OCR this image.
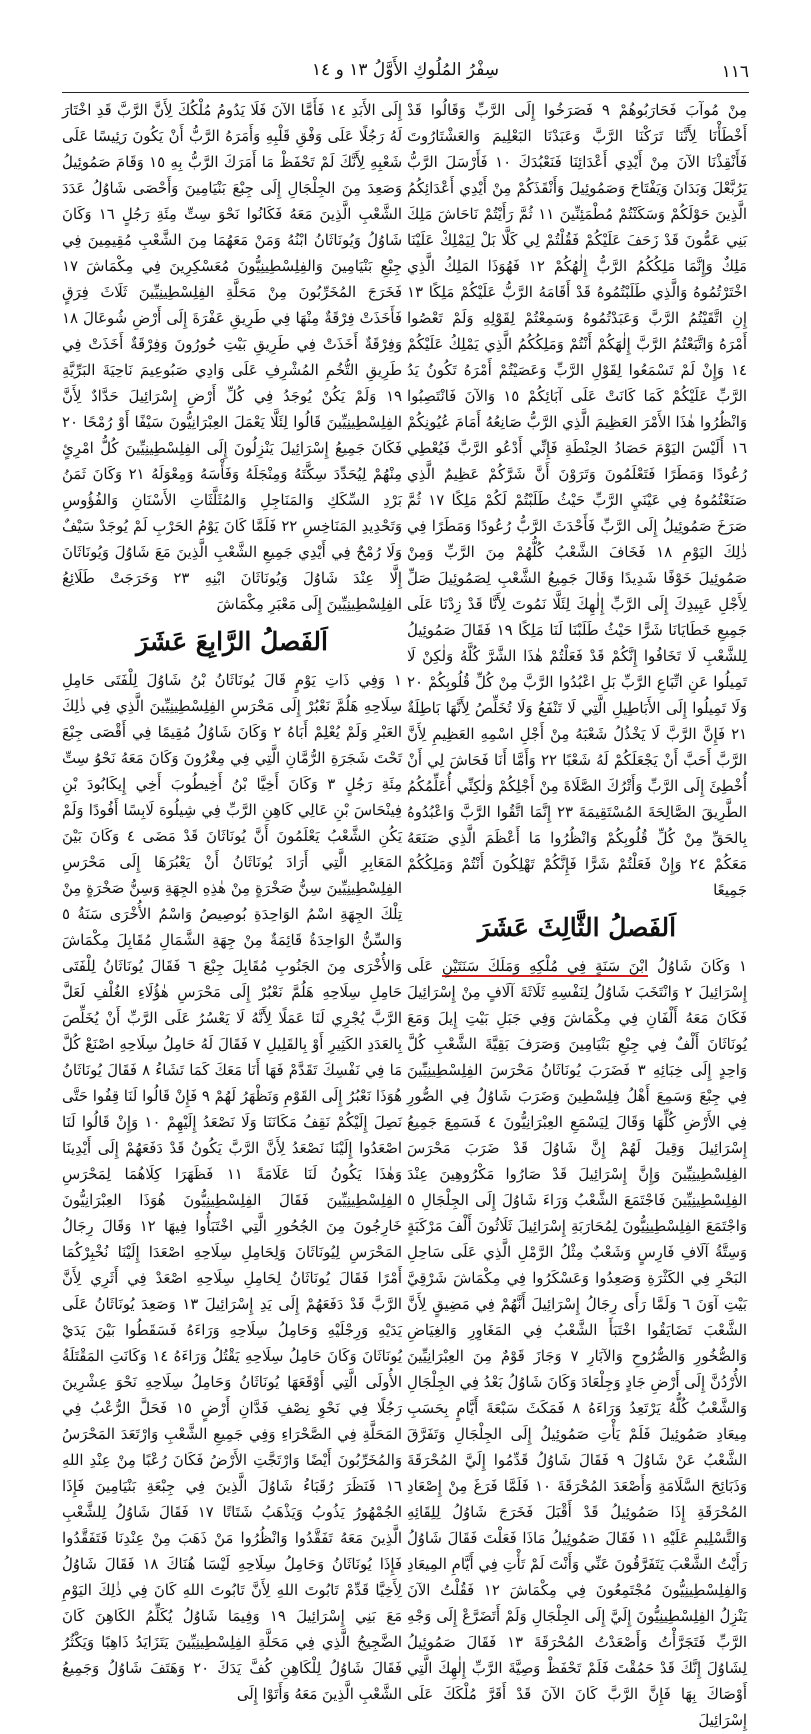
١١٦
سِفْرُ المُلُوكِ الأَوَّلُ ١٣ و ١٤

مِنْ مُوآبَ فَحَارَبُوهُمْ ٩ فَصَرَخُوا إِلَى الرَّبِّ وَقَالُوا قَدْ أَخْطَأْنَا لِأَنَّنَا تَرَكْنَا الرَّبَّ وَعَبَدْنَا البَعْلِيمَ وَالعَشْتَارُوتَ فَأَنْقِذْنَا الآنَ مِنْ أَيْدِي أَعْدَائِنَا فَنَعْبُدَكَ ١٠ فَأَرْسَلَ الرَّبُّ يَرُبَّعْلَ وَبَدَانَ وَيَفْتَاحَ وَصَمُوئِيلَ وَأَنْقَذَكُمْ مِنْ أَيْدِي أَعْدَائِكُمُ الَّذِينَ حَوْلَكُمْ وَسَكَنْتُمْ مُطْمَئِنِّينَ ١١ ثُمَّ رَأَيْتُمْ نَاحَاشَ مَلِكَ بَنِي عَمُّونَ قَدْ زَحَفَ عَلَيْكُمْ فَقُلْتُمْ لِي كَلَّا بَلْ لِيَمْلِكْ عَلَيْنَا مَلِكٌ وَإِنَّمَا مَلِكُكُمُ الرَّبُّ إِلٰهُكُمْ ١٢ فَهُوَذَا المَلِكُ الَّذِي اخْتَرْتُمُوهُ وَالَّذِي طَلَبْتُمُوهُ قَدْ أَقَامَهُ الرَّبُّ عَلَيْكُمْ مَلِكًا ١٣ إِنِ اتَّقَيْتُمُ الرَّبَّ وَعَبَدْتُمُوهُ وَسَمِعْتُمْ لِقَوْلِهِ وَلَمْ تَعْصُوا أَمْرَهُ وَاتَّبَعْتُمُ الرَّبَّ إِلٰهَكُمْ أَنْتُمْ وَمَلِكُكُمُ الَّذِي يَمْلِكُ عَلَيْكُمْ ١٤ وَإِنْ لَمْ تَسْمَعُوا لِقَوْلِ الرَّبِّ وَعَصَيْتُمْ أَمْرَهُ تَكُونُ يَدُ الرَّبِّ عَلَيْكُمْ كَمَا كَانَتْ عَلَى آبَائِكُمْ ١٥ وَالآنَ فَانْتَصِبُوا وَانْظُرُوا هٰذَا الأَمْرَ العَظِيمَ الَّذِي الرَّبُّ صَانِعُهُ أَمَامَ عُيُونِكُمْ ١٦ أَلَيْسَ اليَوْمَ حَصَادُ الحِنْطَةِ فَإِنِّي أَدْعُو الرَّبَّ فَيُعْطِي رُعُودًا وَمَطَرًا فَتَعْلَمُونَ وَتَرَوْنَ أَنَّ شَرَّكُمْ عَظِيمٌ الَّذِي صَنَعْتُمُوهُ فِي عَيْنَيِ الرَّبِّ حَيْثُ طَلَبْتُمْ لَكُمْ مَلِكًا ١٧ ثُمَّ صَرَخَ صَمُوئِيلُ إِلَى الرَّبِّ فَأَحْدَثَ الرَّبُّ رُعُودًا وَمَطَرًا فِي ذٰلِكَ اليَوْمِ ١٨ فَخَافَ الشَّعْبُ كُلُّهُمْ مِنَ الرَّبِّ وَمِنْ صَمُوئِيلَ خَوْفًا شَدِيدًا وَقَالَ جَمِيعُ الشَّعْبِ لِصَمُوئِيلَ صَلِّ لِأَجْلِ عَبِيدِكَ إِلَى الرَّبِّ إِلٰهِكَ لِئَلَّا نَمُوتَ لِأَنَّا قَدْ زِدْنَا عَلَى جَمِيعِ خَطَايَانَا شَرًّا حَيْثُ طَلَبْنَا لَنَا مَلِكًا ١٩ فَقَالَ صَمُوئِيلُ لِلشَّعْبِ لَا تَخَافُوا إِنَّكُمْ قَدْ فَعَلْتُمْ هٰذَا الشَّرَّ كُلَّهُ وَلٰكِنْ لَا تَمِيلُوا عَنِ اتِّبَاعِ الرَّبِّ بَلِ اعْبُدُوا الرَّبَّ مِنْ كُلِّ قُلُوبِكُمْ ٢٠ وَلَا تَمِيلُوا إِلَى الأَبَاطِيلِ الَّتِي لَا تَنْفَعُ وَلَا تُخَلِّصُ لِأَنَّهَا بَاطِلَةٌ ٢١ فَإِنَّ الرَّبَّ لَا يَخْذُلُ شَعْبَهُ مِنْ أَجْلِ اسْمِهِ العَظِيمِ لِأَنَّ الرَّبَّ أَحَبَّ أَنْ يَجْعَلَكُمْ لَهُ شَعْبًا ٢٢ وَأَمَّا أَنَا فَحَاشَ لِي أَنْ أُخْطِئَ إِلَى الرَّبِّ وَأَتْرُكَ الصَّلَاةَ مِنْ أَجْلِكُمْ وَلٰكِنِّي أُعَلِّمُكُمُ الطَّرِيقَ الصَّالِحَةَ المُسْتَقِيمَةَ ٢٣ إِنَّمَا اتَّقُوا الرَّبَّ وَاعْبُدُوهُ بِالحَقِّ مِنْ كُلِّ قُلُوبِكُمْ وَانْظُرُوا مَا أَعْظَمَ الَّذِي صَنَعَهُ مَعَكُمْ ٢٤ وَإِنْ فَعَلْتُمْ شَرًّا فَإِنَّكُمْ تَهْلِكُونَ أَنْتُمْ وَمَلِكُكُمْ جَمِيعًا

اَلفَصلُ الثَّالِثَ عَشَرَ

١ وَكَانَ شَاوُلُ ابْنَ سَنَةٍ فِي مُلْكِهِ وَمَلَكَ سَنَتَيْنِ عَلَى إِسْرَائِيلَ ٢ وَانْتَخَبَ شَاوُلُ لِنَفْسِهِ ثَلَاثَةَ آلَافٍ مِنْ إِسْرَائِيلَ فَكَانَ مَعَهُ أَلْفَانِ فِي مِكْمَاشَ وَفِي جَبَلِ بَيْتِ إِيلَ وَمَعَ يُونَاثَانَ أَلْفٌ فِي جِبْعِ بَنْيَامِينَ وَصَرَفَ بَقِيَّةَ الشَّعْبِ كُلَّ وَاحِدٍ إِلَى خِبَائِهِ ٣ فَضَرَبَ يُونَاثَانُ مَحْرَسَ الفِلِسْطِينِيِّينَ فِي جِبْعَ وَسَمِعَ أَهْلُ فِلِسْطِينَ وَضَرَبَ شَاوُلُ فِي الصُّورِ فِي الأَرْضِ كُلِّهَا وَقَالَ لِيَسْمَعِ العِبْرَانِيُّونَ ٤ فَسَمِعَ جَمِيعُ إِسْرَائِيلَ وَقِيلَ لَهُمْ إِنَّ شَاوُلَ قَدْ ضَرَبَ مَحْرَسَ الفِلِسْطِينِيِّينَ وَإِنَّ إِسْرَائِيلَ قَدْ صَارُوا مَكْرُوهِينَ عِنْدَ الفِلِسْطِينِيِّينَ فَاجْتَمَعَ الشَّعْبُ وَرَاءَ شَاوُلَ إِلَى الجِلْجَالِ ٥ وَاجْتَمَعَ الفِلِسْطِينِيُّونَ لِمُحَارَبَةِ إِسْرَائِيلَ ثَلَاثُونَ أَلْفَ مَرْكَبَةٍ وَسِتَّةُ آلَافِ فَارِسٍ وَشَعْبٌ مِثْلُ الرَّمْلِ الَّذِي عَلَى سَاحِلِ البَحْرِ فِي الكَثْرَةِ وَصَعِدُوا وَعَسْكَرُوا فِي مِكْمَاشَ شَرْقِيَّ بَيْتِ آوَنَ ٦ وَلَمَّا رَأَى رِجَالُ إِسْرَائِيلَ أَنَّهُمْ فِي مَضِيقٍ لِأَنَّ الشَّعْبَ تَضَايَقُوا اخْتَبَأَ الشَّعْبُ فِي المَغَاوِرِ وَالغِيَاضِ وَالصُّخُورِ وَالصُّرُوحِ وَالآبَارِ ٧ وَجَازَ قَوْمٌ مِنَ العِبْرَانِيِّينَ الأُرْدُنَّ إِلَى أَرْضِ جَادٍ وَجِلْعَادَ وَكَانَ شَاوُلُ بَعْدُ فِي الجِلْجَالِ وَالشَّعْبُ كُلُّهُ يَرْتَعِدُ وَرَاءَهُ ٨ فَمَكَثَ سَبْعَةَ أَيَّامٍ بِحَسَبِ مِيعَادِ صَمُوئِيلَ فَلَمْ يَأْتِ صَمُوئِيلُ إِلَى الجِلْجَالِ وَتَفَرَّقَ الشَّعْبُ عَنْ شَاوُلَ ٩ فَقَالَ شَاوُلُ قَدِّمُوا إِلَيَّ المُحْرَقَةَ وَذَبَائِحَ السَّلَامَةِ وَأَصْعَدَ المُحْرَقَةَ ١٠ فَلَمَّا فَرَغَ مِنْ إِصْعَادِ المُحْرَقَةِ إِذَا صَمُوئِيلُ قَدْ أَقْبَلَ فَخَرَجَ شَاوُلُ لِلِقَائِهِ وَالتَّسْلِيمِ عَلَيْهِ ١١ فَقَالَ صَمُوئِيلُ مَاذَا فَعَلْتَ فَقَالَ شَاوُلُ رَأَيْتُ الشَّعْبَ يَتَفَرَّقُونَ عَنِّي وَأَنْتَ لَمْ تَأْتِ فِي أَيَّامِ المِيعَادِ وَالفِلِسْطِينِيُّونَ مُجْتَمِعُونَ فِي مِكْمَاشَ ١٢ فَقُلْتُ الآنَ يَنْزِلُ الفِلِسْطِينِيُّونَ إِلَيَّ إِلَى الجِلْجَالِ وَلَمْ أَتَضَرَّعْ إِلَى وَجْهِ الرَّبِّ فَتَجَرَّأْتُ وَأَصْعَدْتُ المُحْرَقَةَ ١٣ فَقَالَ صَمُوئِيلُ لِشَاوُلَ إِنَّكَ قَدْ حَمُقْتَ فَلَمْ تَحْفَظْ وَصِيَّةَ الرَّبِّ إِلٰهِكَ الَّتِي أَوْصَاكَ بِهَا فَإِنَّ الرَّبَّ كَانَ الآنَ قَدْ أَقَرَّ مُلْكَكَ عَلَى إِسْرَائِيلَ

إِلَى الأَبَدِ ١٤ فَأَمَّا الآنَ فَلَا يَدُومُ مُلْكُكَ لِأَنَّ الرَّبَّ قَدِ اخْتَارَ لَهُ رَجُلًا عَلَى وَفْقِ قَلْبِهِ وَأَمَرَهُ الرَّبُّ أَنْ يَكُونَ رَئِيسًا عَلَى شَعْبِهِ لِأَنَّكَ لَمْ تَحْفَظْ مَا أَمَرَكَ الرَّبُّ بِهِ ١٥ وَقَامَ صَمُوئِيلُ وَصَعِدَ مِنَ الجِلْجَالِ إِلَى جِبْعَ بَنْيَامِينَ وَأَحْصَى شَاوُلُ عَدَدَ الشَّعْبِ الَّذِينَ مَعَهُ فَكَانُوا نَحْوَ سِتِّ مِئَةِ رَجُلٍ ١٦ وَكَانَ شَاوُلُ وَيُونَاثَانُ ابْنُهُ وَمَنْ مَعَهُمَا مِنَ الشَّعْبِ مُقِيمِينَ فِي جِبْعِ بَنْيَامِينَ وَالفِلِسْطِينِيُّونَ مُعَسْكِرِينَ فِي مِكْمَاشَ ١٧ فَخَرَجَ المُخَرِّبُونَ مِنْ مَحَلَّةِ الفِلِسْطِينِيِّينَ ثَلَاثَ فِرَقٍ فَأَخَذَتْ فِرْقَةٌ مِنْهَا فِي طَرِيقِ عَفْرَةَ إِلَى أَرْضِ شُوعَالَ ١٨ وَفِرْقَةٌ أَخَذَتْ فِي طَرِيقِ بَيْتِ حُورُونَ وَفِرْقَةٌ أَخَذَتْ فِي طَرِيقِ التُّخُمِ المُشْرِفِ عَلَى وَادِي صَبُوعِيمَ نَاحِيَةَ البَرِّيَّةِ ١٩ وَلَمْ يَكُنْ يُوجَدُ فِي كُلِّ أَرْضِ إِسْرَائِيلَ حَدَّادٌ لِأَنَّ الفِلِسْطِينِيِّينَ قَالُوا لِئَلَّا يَعْمَلَ العِبْرَانِيُّونَ سَيْفًا أَوْ رُمْحًا ٢٠ فَكَانَ جَمِيعُ إِسْرَائِيلَ يَنْزِلُونَ إِلَى الفِلِسْطِينِيِّينَ كُلُّ امْرِئٍ مِنْهُمْ لِيُحَدِّدَ سِكَّتَهُ وَمِنْجَلَهُ وَفَأْسَهُ وَمِعْوَلَهُ ٢١ وَكَانَ ثَمَنُ بَرْدِ السِّكَكِ وَالمَنَاجِلِ وَالمُثَلَّثَاتِ الأَسْنَانِ وَالفُؤُوسِ وَتَحْدِيدِ المَنَاخِسِ ٢٢ فَلَمَّا كَانَ يَوْمُ الحَرْبِ لَمْ يُوجَدْ سَيْفٌ وَلَا رُمْحٌ فِي أَيْدِي جَمِيعِ الشَّعْبِ الَّذِينَ مَعَ شَاوُلَ وَيُونَاثَانَ إِلَّا عِنْدَ شَاوُلَ وَيُونَاثَانَ ابْنِهِ ٢٣ وَخَرَجَتْ طَلَائِعُ الفِلِسْطِينِيِّينَ إِلَى مَعْبَرِ مِكْمَاشَ

اَلفَصلُ الرَّابِعَ عَشَرَ

١ وَفِي ذَاتِ يَوْمٍ قَالَ يُونَاثَانُ بْنُ شَاوُلَ لِلْفَتَى حَامِلِ سِلَاحِهِ هَلُمَّ نَعْبُرْ إِلَى مَحْرَسِ الفِلِسْطِينِيِّينَ الَّذِي فِي ذٰلِكَ العَبْرِ وَلَمْ يُعْلِمْ أَبَاهُ ٢ وَكَانَ شَاوُلُ مُقِيمًا فِي أَقْصَى جِبْعَ تَحْتَ شَجَرَةِ الرُّمَّانِ الَّتِي فِي مِغْرُونَ وَكَانَ مَعَهُ نَحْوُ سِتِّ مِئَةِ رَجُلٍ ٣ وَكَانَ أَخِيَّا بْنُ أَخِيطُوبَ أَخِي إِيكَابُودَ بْنِ فِينْحَاسَ بْنِ عَالِي كَاهِنِ الرَّبِّ فِي شِيلُوهَ لَابِسًا أَفُودًا وَلَمْ يَكُنِ الشَّعْبُ يَعْلَمُونَ أَنَّ يُونَاثَانَ قَدْ مَضَى ٤ وَكَانَ بَيْنَ المَعَابِرِ الَّتِي أَرَادَ يُونَاثَانُ أَنْ يَعْبُرَهَا إِلَى مَحْرَسِ الفِلِسْطِينِيِّينَ سِنُّ صَخْرَةٍ مِنْ هٰذِهِ الجِهَةِ وَسِنُّ صَخْرَةٍ مِنْ تِلْكَ الجِهَةِ اسْمُ الوَاحِدَةِ بُوصِيصُ وَاسْمُ الأُخْرَى سَنَةُ ٥ وَالسِّنُّ الوَاحِدَةُ قَائِمَةٌ مِنْ جِهَةِ الشَّمَالِ مُقَابِلَ مِكْمَاشَ وَالأُخْرَى مِنَ الجَنُوبِ مُقَابِلَ جِبْعَ ٦ فَقَالَ يُونَاثَانُ لِلْفَتَى حَامِلِ سِلَاحِهِ هَلُمَّ نَعْبُرْ إِلَى مَحْرَسِ هٰؤُلَاءِ الغُلْفِ لَعَلَّ الرَّبَّ يُجْرِي لَنَا عَمَلًا لِأَنَّهُ لَا يَعْسُرُ عَلَى الرَّبِّ أَنْ يُخَلِّصَ بِالعَدَدِ الكَثِيرِ أَوْ بِالقَلِيلِ ٧ فَقَالَ لَهُ حَامِلُ سِلَاحِهِ اصْنَعْ كُلَّ مَا فِي نَفْسِكَ تَقَدَّمْ فَهَا أَنَا مَعَكَ كَمَا تَشَاءُ ٨ فَقَالَ يُونَاثَانُ هُوَذَا نَعْبُرُ إِلَى القَوْمِ وَنَظْهَرُ لَهُمْ ٩ فَإِنْ قَالُوا لَنَا قِفُوا حَتَّى نَصِلَ إِلَيْكُمْ نَقِفُ مَكَانَنَا وَلَا نَصْعَدُ إِلَيْهِمْ ١٠ وَإِنْ قَالُوا لَنَا اصْعَدُوا إِلَيْنَا نَصْعَدُ لِأَنَّ الرَّبَّ يَكُونُ قَدْ دَفَعَهُمْ إِلَى أَيْدِينَا وَهٰذَا يَكُونُ لَنَا عَلَامَةً ١١ فَظَهَرَا كِلَاهُمَا لِمَحْرَسِ الفِلِسْطِينِيِّينَ فَقَالَ الفِلِسْطِينِيُّونَ هُوَذَا العِبْرَانِيُّونَ خَارِجُونَ مِنَ الجُحُورِ الَّتِي اخْتَبَأُوا فِيهَا ١٢ وَقَالَ رِجَالُ المَحْرَسِ لِيُونَاثَانَ وَلِحَامِلِ سِلَاحِهِ اصْعَدَا إِلَيْنَا نُخْبِرْكُمَا أَمْرًا فَقَالَ يُونَاثَانُ لِحَامِلِ سِلَاحِهِ اصْعَدْ فِي أَثَرِي لِأَنَّ الرَّبَّ قَدْ دَفَعَهُمْ إِلَى يَدِ إِسْرَائِيلَ ١٣ وَصَعِدَ يُونَاثَانُ عَلَى يَدَيْهِ وَرِجْلَيْهِ وَحَامِلُ سِلَاحِهِ وَرَاءَهُ فَسَقَطُوا بَيْنَ يَدَيْ يُونَاثَانَ وَكَانَ حَامِلُ سِلَاحِهِ يَقْتُلُ وَرَاءَهُ ١٤ وَكَانَتِ المَقْتَلَةُ الأُولَى الَّتِي أَوْقَعَهَا يُونَاثَانُ وَحَامِلُ سِلَاحِهِ نَحْوَ عِشْرِينَ رَجُلًا فِي نَحْوِ نِصْفِ فَدَّانِ أَرْضٍ ١٥ فَحَلَّ الرُّعْبُ فِي المَحَلَّةِ فِي الصَّحْرَاءِ وَفِي جَمِيعِ الشَّعْبِ وَارْتَعَدَ المَحْرَسُ وَالمُخَرِّبُونَ أَيْضًا وَارْتَجَّتِ الأَرْضُ فَكَانَ رُعْبًا مِنْ عِنْدِ اللهِ ١٦ فَنَظَرَ رُقَبَاءُ شَاوُلَ الَّذِينَ فِي جِبْعَةِ بَنْيَامِينَ فَإِذَا الجُمْهُورُ يَذُوبُ وَيَذْهَبُ شَتَاتًا ١٧ فَقَالَ شَاوُلُ لِلشَّعْبِ الَّذِينَ مَعَهُ تَفَقَّدُوا وَانْظُرُوا مَنْ ذَهَبَ مِنْ عِنْدِنَا فَتَفَقَّدُوا فَإِذَا يُونَاثَانُ وَحَامِلُ سِلَاحِهِ لَيْسَا هُنَاكَ ١٨ فَقَالَ شَاوُلُ لِأَخِيَّا قَدِّمْ تَابُوتَ اللهِ لِأَنَّ تَابُوتَ اللهِ كَانَ فِي ذٰلِكَ اليَوْمِ مَعَ بَنِي إِسْرَائِيلَ ١٩ وَفِيمَا شَاوُلُ يُكَلِّمُ الكَاهِنَ كَانَ الضَّجِيجُ الَّذِي فِي مَحَلَّةِ الفِلِسْطِينِيِّينَ يَتَزَايَدُ ذَاهِبًا وَيَكْثُرُ فَقَالَ شَاوُلُ لِلْكَاهِنِ كُفَّ يَدَكَ ٢٠ وَهَتَفَ شَاوُلُ وَجَمِيعُ الشَّعْبِ الَّذِينَ مَعَهُ وَأَتَوْا إِلَى
